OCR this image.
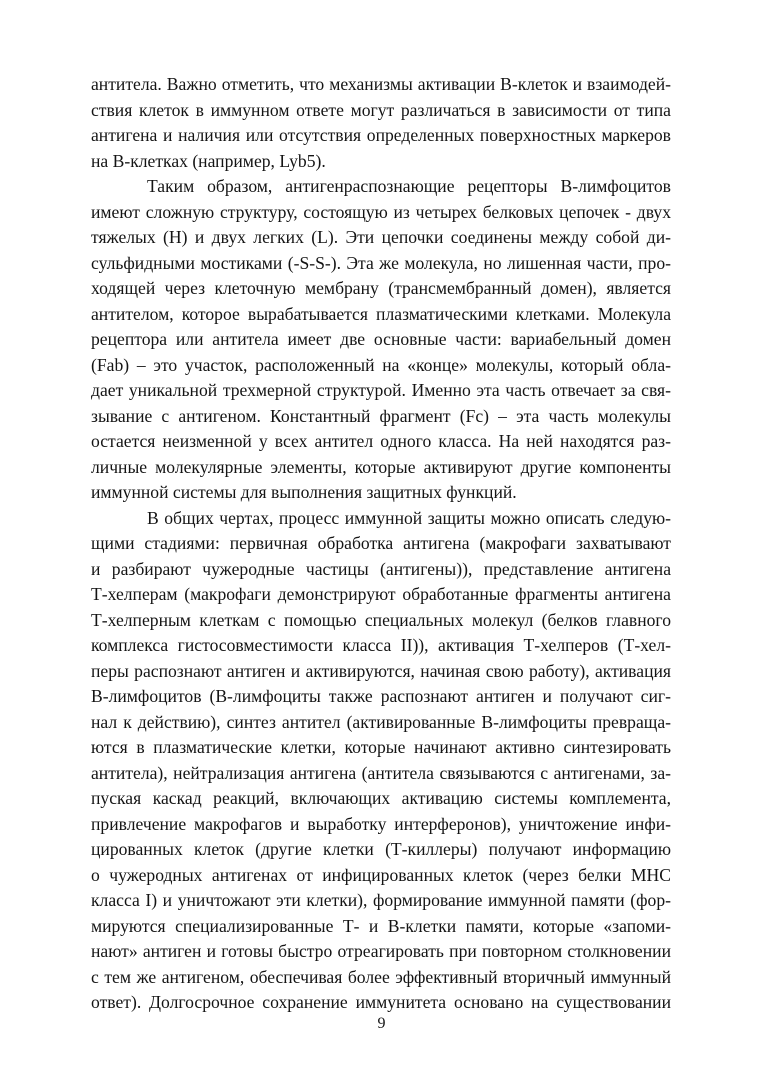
антитела. Важно отметить, что механизмы активации В-клеток и взаимодей-
ствия клеток в иммунном ответе могут различаться в зависимости от типа
антигена и наличия или отсутствия определенных поверхностных маркеров
на В-клетках (например, Lyb5).
Таким образом, антигенраспознающие рецепторы В-лимфоцитов
имеют сложную структуру, состоящую из четырех белковых цепочек - двух
тяжелых (H) и двух легких (L). Эти цепочки соединены между собой ди-
сульфидными мостиками (-S-S-). Эта же молекула, но лишенная части, про-
ходящей через клеточную мембрану (трансмембранный домен), является
антителом, которое вырабатывается плазматическими клетками. Молекула
рецептора или антитела имеет две основные части: вариабельный домен
(Fab) – это участок, расположенный на «конце» молекулы, который обла-
дает уникальной трехмерной структурой. Именно эта часть отвечает за свя-
зывание с антигеном. Константный фрагмент (Fc) – эта часть молекулы
остается неизменной у всех антител одного класса. На ней находятся раз-
личные молекулярные элементы, которые активируют другие компоненты
иммунной системы для выполнения защитных функций.
В общих чертах, процесс иммунной защиты можно описать следую-
щими стадиями: первичная обработка антигена (макрофаги захватывают
и разбирают чужеродные частицы (антигены)), представление антигена
Т-хелперам (макрофаги демонстрируют обработанные фрагменты антигена
Т-хелперным клеткам с помощью специальных молекул (белков главного
комплекса гистосовместимости класса II)), активация Т-хелперов (Т-хел-
перы распознают антиген и активируются, начиная свою работу), активация
В-лимфоцитов (В-лимфоциты также распознают антиген и получают сиг-
нал к действию), синтез антител (активированные В-лимфоциты превраща-
ются в плазматические клетки, которые начинают активно синтезировать
антитела), нейтрализация антигена (антитела связываются с антигенами, за-
пуская каскад реакций, включающих активацию системы комплемента,
привлечение макрофагов и выработку интерферонов), уничтожение инфи-
цированных клеток (другие клетки (Т-киллеры) получают информацию
о чужеродных антигенах от инфицированных клеток (через белки MHC
класса I) и уничтожают эти клетки), формирование иммунной памяти (фор-
мируются специализированные Т- и В-клетки памяти, которые «запоми-
нают» антиген и готовы быстро отреагировать при повторном столкновении
с тем же антигеном, обеспечивая более эффективный вторичный иммунный
ответ). Долгосрочное сохранение иммунитета основано на существовании
9
